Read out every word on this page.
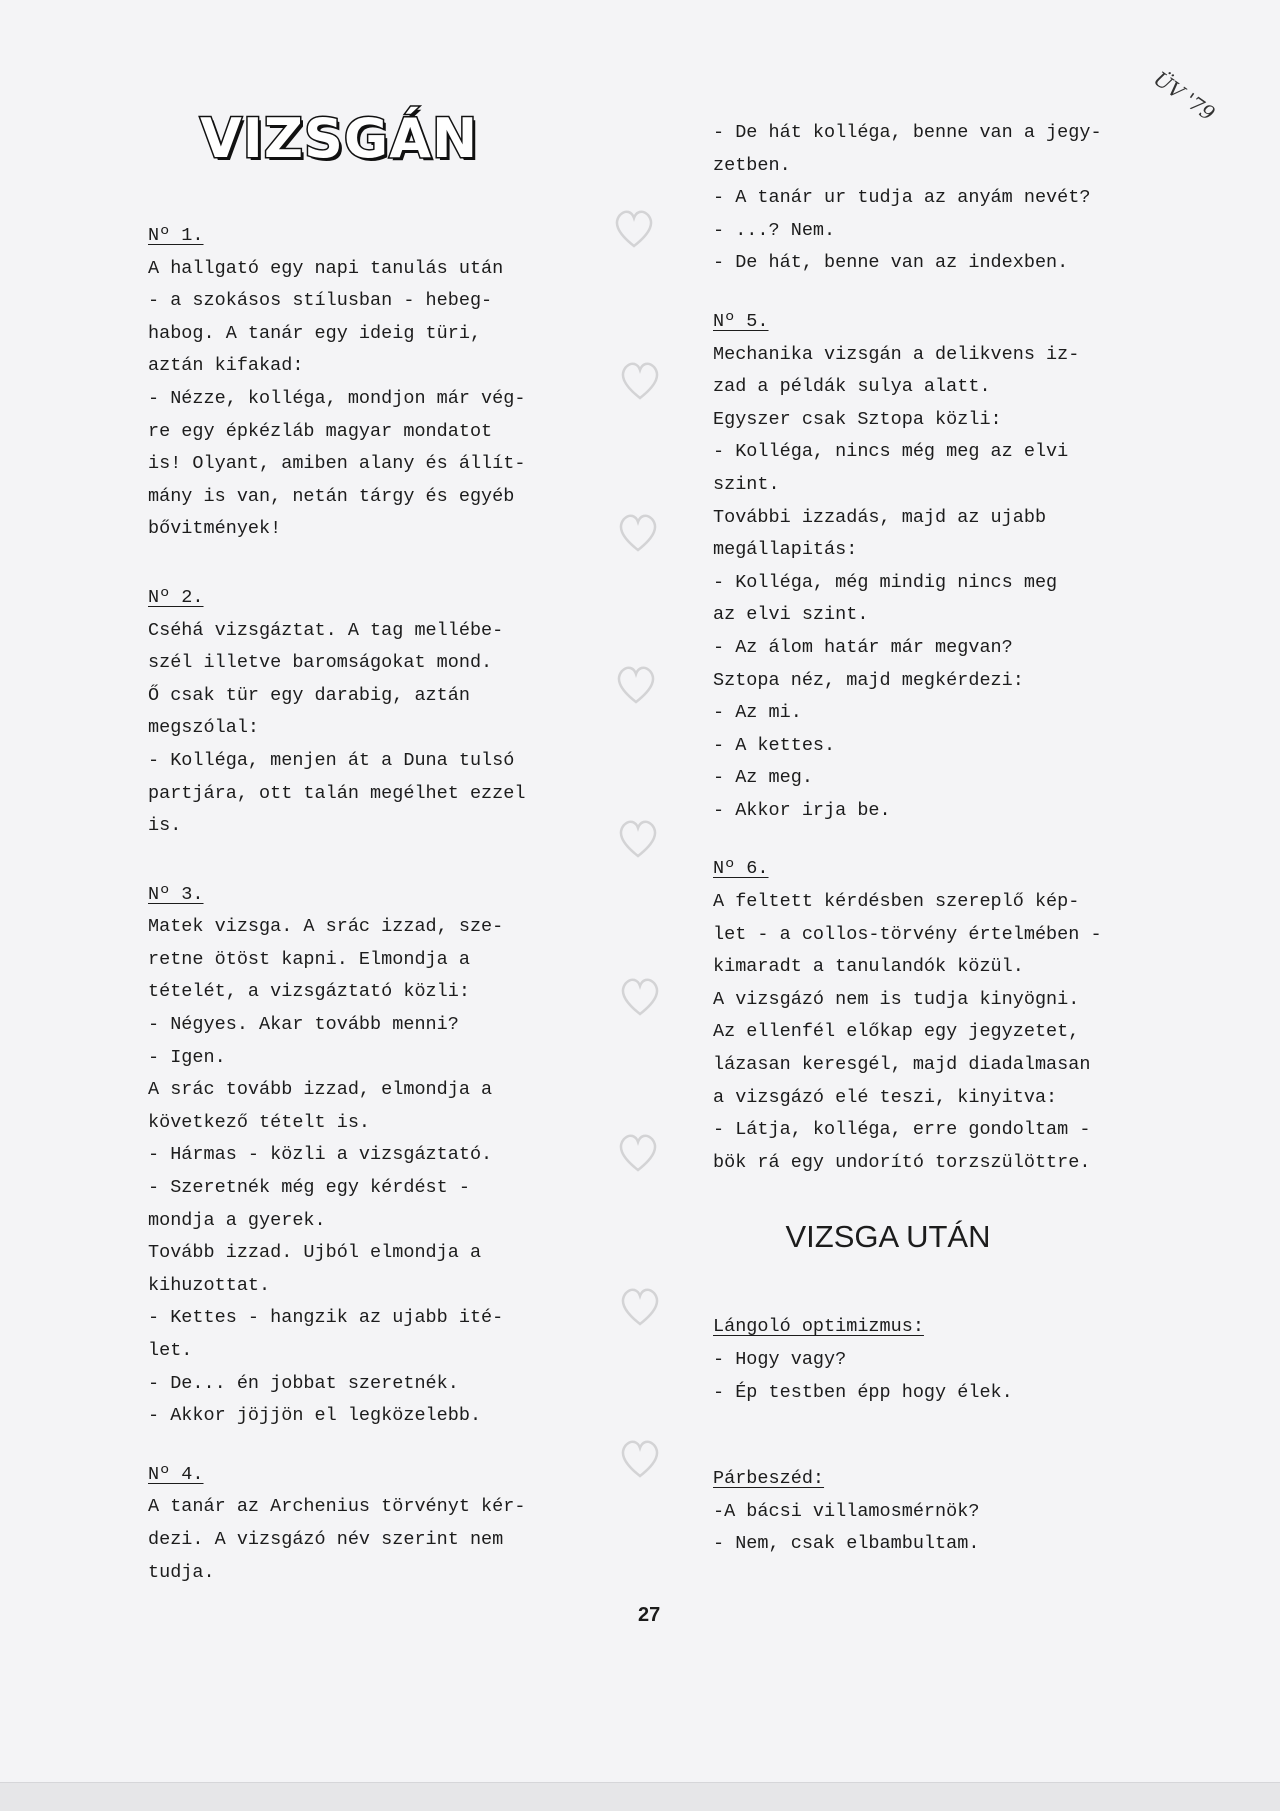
VIZSGÁN
ÜV '79

Nº 1.

A hallgató egy napi tanulás után

- a szokásos stílusban - hebeg-

habog. A tanár egy ideig türi,

aztán kifakad:

- Nézze, kolléga, mondjon már vég-

re egy épkézláb magyar mondatot

is! Olyant, amiben alany és állít-

mány is van, netán tárgy és egyéb

bővitmények!

Nº 2.

Cséhá vizsgáztat. A tag mellébe-

szél illetve baromságokat mond.

Ő csak tür egy darabig, aztán

megszólal:

- Kolléga, menjen át a Duna tulsó

partjára, ott talán megélhet ezzel

is.

Nº 3.

Matek vizsga. A srác izzad, sze-

retne ötöst kapni. Elmondja a

tételét, a vizsgáztató közli:

- Négyes. Akar tovább menni?

- Igen.

A srác tovább izzad, elmondja a

következő tételt is.

- Hármas - közli a vizsgáztató.

- Szeretnék még egy kérdést -

mondja a gyerek.

Tovább izzad. Ujból elmondja a

kihuzottat.

- Kettes - hangzik az ujabb ité-

let.

- De... én jobbat szeretnék.

- Akkor jöjjön el legközelebb.

Nº 4.

A tanár az Archenius törvényt kér-

dezi. A vizsgázó név szerint nem

tudja.

- De hát kolléga, benne van a jegy-

zetben.

- A tanár ur tudja az anyám nevét?

- ...? Nem.

- De hát, benne van az indexben.

Nº 5.

Mechanika vizsgán a delikvens iz-

zad a példák sulya alatt.

Egyszer csak Sztopa közli:

- Kolléga, nincs még meg az elvi

szint.

További izzadás, majd az ujabb

megállapitás:

- Kolléga, még mindig nincs meg

az elvi szint.

- Az álom határ már megvan?

Sztopa néz, majd megkérdezi:

- Az mi.

- A kettes.

- Az meg.

- Akkor irja be.

Nº 6.

A feltett kérdésben szereplő kép-

let - a collos-törvény értelmében -

kimaradt a tanulandók közül.

A vizsgázó nem is tudja kinyögni.

Az ellenfél előkap egy jegyzetet,

lázasan keresgél, majd diadalmasan

a vizsgázó elé teszi, kinyitva:

- Látja, kolléga, erre gondoltam -

bök rá egy undorító torzszülöttre.

VIZSGA UTÁN

Lángoló optimizmus:

- Hogy vagy?

- Ép testben épp hogy élek.

Párbeszéd:

-A bácsi villamosmérnök?

- Nem, csak elbambultam.

27
